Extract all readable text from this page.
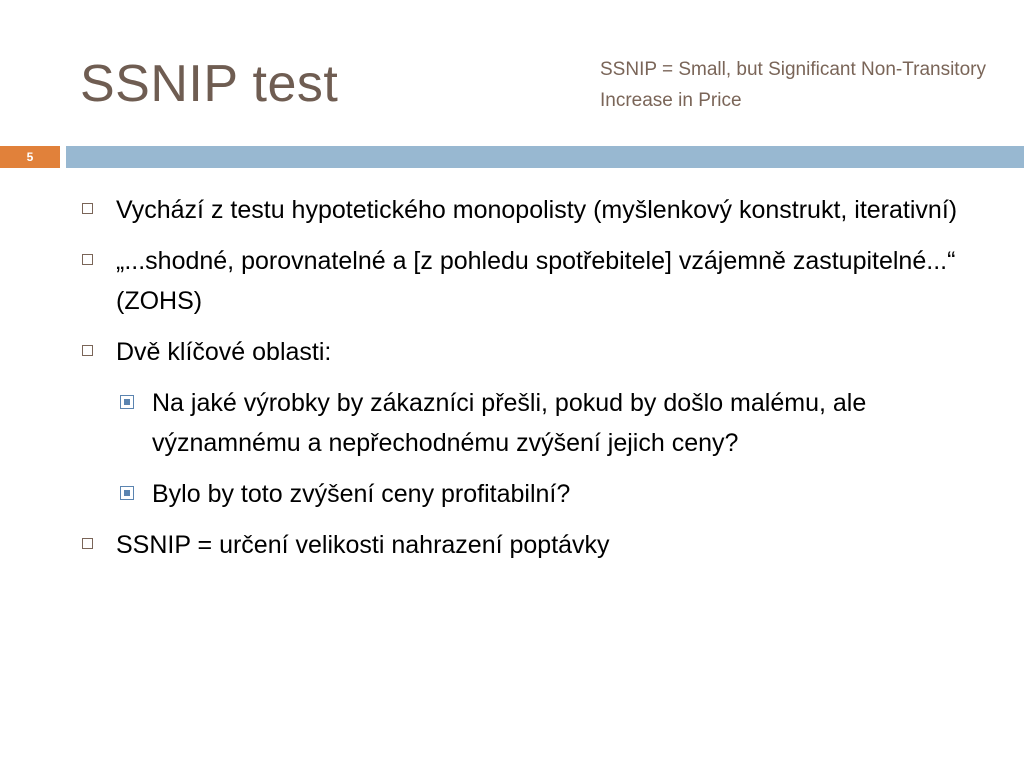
SSNIP test	SSNIP = Small, but Significant Non-Transitory Increase in Price
5
Vychází z testu hypotetického monopolisty (myšlenkový konstrukt, iterativní)
„...shodné, porovnatelné a [z pohledu spotřebitele] vzájemně zastupitelné...“ (ZOHS)
Dvě klíčové oblasti:
Na jaké výrobky by zákazníci přešli, pokud by došlo malému, ale významnému a nepřechodnému zvýšení jejich ceny?
Bylo by toto zvýšení ceny profitabilní?
SSNIP = určení velikosti nahrazení poptávky
